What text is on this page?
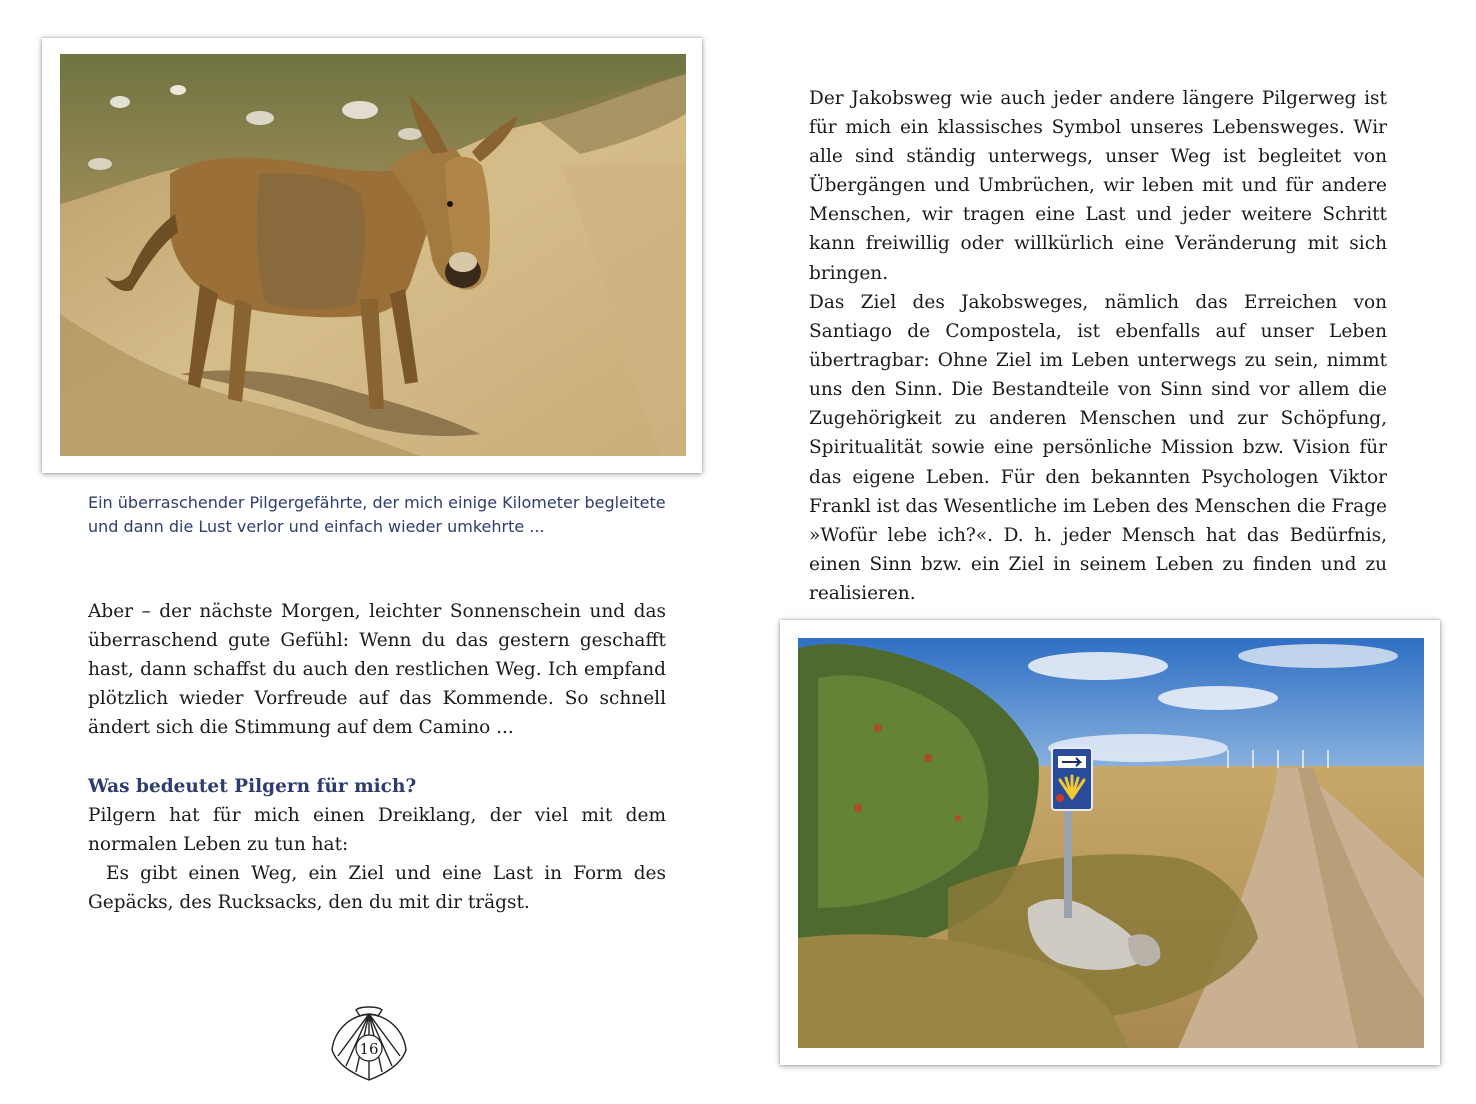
Ein überraschender Pilgergefährte, der mich einige Kilometer begleitete und dann die Lust verlor und einfach wieder umkehrte ...

Der Jakobsweg wie auch jeder andere längere Pilgerweg ist für mich ein klassisches Symbol unseres Lebensweges. Wir alle sind ständig unterwegs, unser Weg ist begleitet von Übergängen und Umbrüchen, wir leben mit und für andere Menschen, wir tragen eine Last und jeder weitere Schritt kann freiwillig oder willkürlich eine Veränderung mit sich bringen.

Das Ziel des Jakobsweges, nämlich das Erreichen von Santiago de Compostela, ist ebenfalls auf unser Leben übertragbar: Ohne Ziel im Leben unterwegs zu sein, nimmt uns den Sinn. Die Bestandteile von Sinn sind vor allem die Zugehörigkeit zu anderen Menschen und zur Schöpfung, Spiritualität sowie eine persönliche Mission bzw. Vision für das eigene Leben. Für den bekannten Psychologen Viktor Frankl ist das Wesentliche im Leben des Menschen die Frage »Wofür lebe ich?«. D. h. jeder Mensch hat das Bedürfnis, einen Sinn bzw. ein Ziel in seinem Leben zu finden und zu realisieren.

Aber – der nächste Morgen, leichter Sonnenschein und das überraschend gute Gefühl: Wenn du das gestern geschafft hast, dann schaffst du auch den restlichen Weg. Ich empfand plötzlich wieder Vorfreude auf das Kommende. So schnell ändert sich die Stimmung auf dem Camino ...

Was bedeutet Pilgern für mich?

Pilgern hat für mich einen Dreiklang, der viel mit dem normalen Leben zu tun hat:

Es gibt einen Weg, ein Ziel und eine Last in Form des Gepäcks, des Rucksacks, den du mit dir trägst.

16
